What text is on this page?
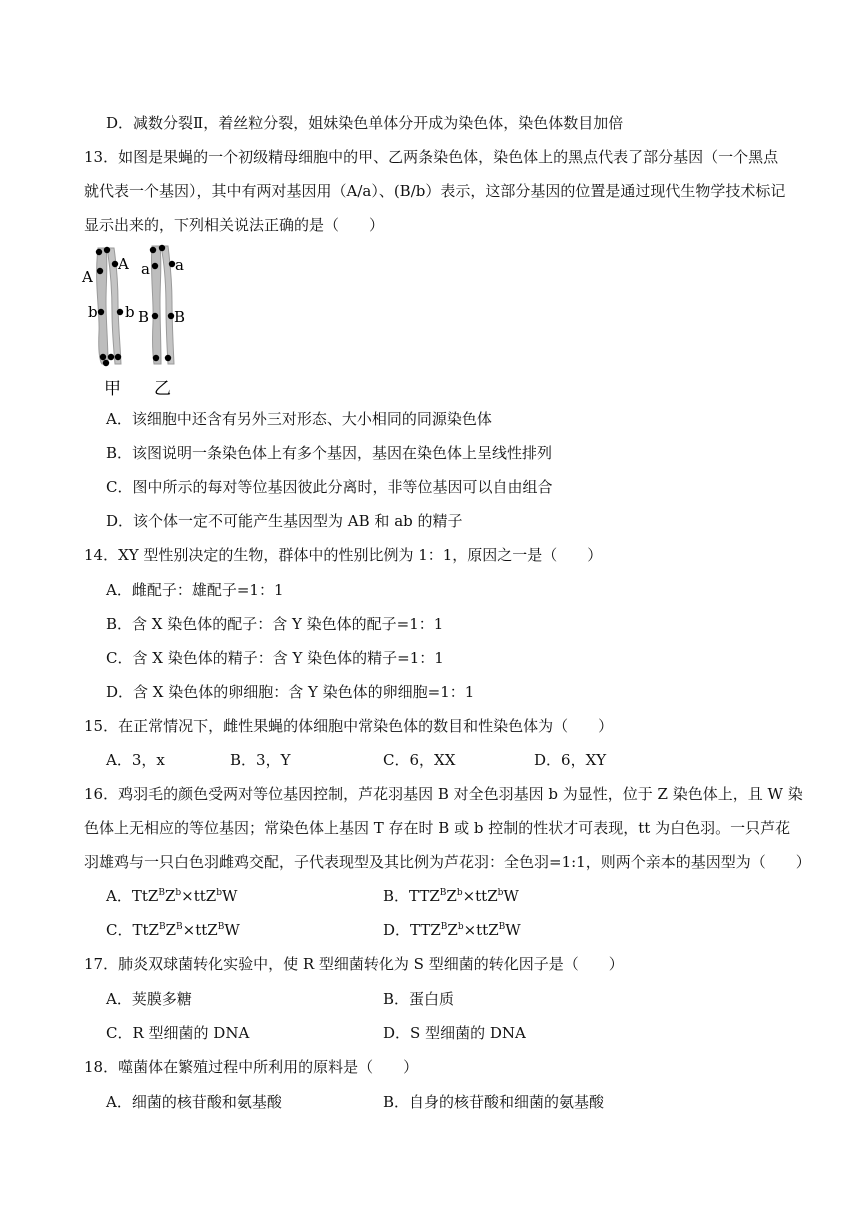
D．减数分裂Ⅱ，着丝粒分裂，姐妹染色单体分开成为染色体，染色体数目加倍
13．如图是果蝇的一个初级精母细胞中的甲、乙两条染色体，染色体上的黑点代表了部分基因（一个黑点
就代表一个基因），其中有两对基因用（A/a）、(B/b）表示，这部分基因的位置是通过现代生物学技术标记
显示出来的，下列相关说法正确的是（　　）
A
A
b b
a a
B B
甲 乙
A．该细胞中还含有另外三对形态、大小相同的同源染色体
B．该图说明一条染色体上有多个基因，基因在染色体上呈线性排列
C．图中所示的每对等位基因彼此分离时，非等位基因可以自由组合
D．该个体一定不可能产生基因型为 AB 和 ab 的精子
14．XY 型性别决定的生物，群体中的性别比例为 1：1，原因之一是（　　）
A．雌配子：雄配子=1：1
B．含 X 染色体的配子：含 Y 染色体的配子=1：1
C．含 X 染色体的精子：含 Y 染色体的精子=1：1
D．含 X 染色体的卵细胞：含 Y 染色体的卵细胞=1：1
15．在正常情况下，雌性果蝇的体细胞中常染色体的数目和性染色体为（　　）
A．3，x	B．3，Y	C．6，XX	D．6，XY
16．鸡羽毛的颜色受两对等位基因控制，芦花羽基因 B 对全色羽基因 b 为显性，位于 Z 染色体上，且 W 染
色体上无相应的等位基因；常染色体上基因 T 存在时 B 或 b 控制的性状才可表现，tt 为白色羽。一只芦花
羽雄鸡与一只白色羽雌鸡交配，子代表现型及其比例为芦花羽：全色羽=1:1，则两个亲本的基因型为（　　）
A．$TtZ^BZ^b\times ttZ^bW$	B．$TTZ^BZ^b\times ttZ^bW$
C．$TtZ^BZ^B\times ttZ^BW$	D．$TTZ^BZ^b\times ttZ^BW$
17．肺炎双球菌转化实验中，使 R 型细菌转化为 S 型细菌的转化因子是（　　）
A．荚膜多糖	B．蛋白质
C．R 型细菌的 DNA	D．S 型细菌的 DNA
18．噬菌体在繁殖过程中所利用的原料是（　　）
A．细菌的核苷酸和氨基酸	B．自身的核苷酸和细菌的氨基酸
